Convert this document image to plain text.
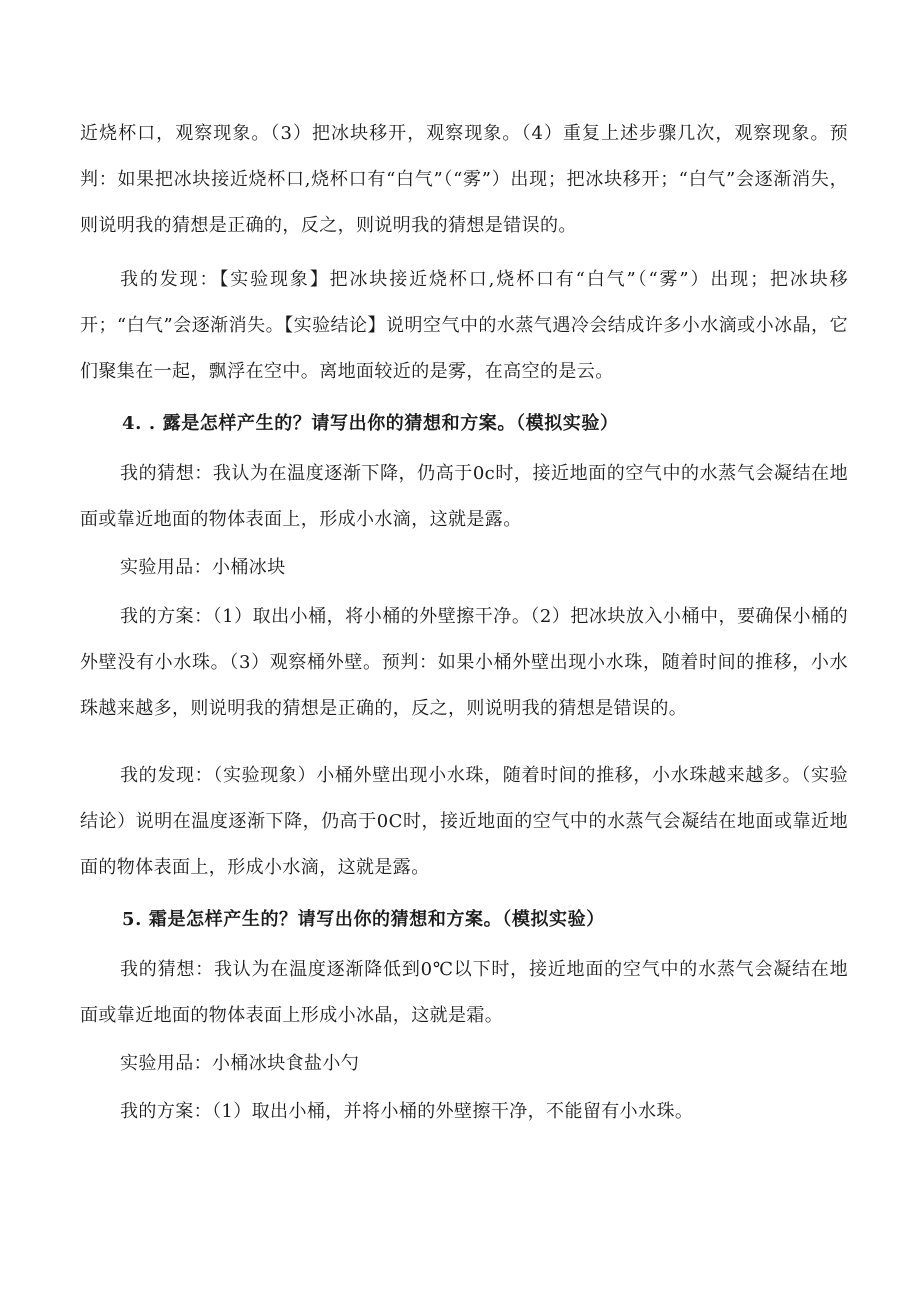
近烧杯口，观察现象。（3）把冰块移开，观察现象。（4）重复上述步骤几次，观察现象。预判：如果把冰块接近烧杯口,烧杯口有“白气”（“雾”）出现；把冰块移开；“白气”会逐渐消失，则说明我的猜想是正确的，反之，则说明我的猜想是错误的。

我的发现：【实验现象】把冰块接近烧杯口,烧杯口有“白气”（“雾”）出现；把冰块移开；“白气”会逐渐消失。【实验结论】说明空气中的水蒸气遇冷会结成许多小水滴或小冰晶，它们聚集在一起，飘浮在空中。离地面较近的是雾，在高空的是云。

4. . 露是怎样产生的？请写出你的猜想和方案。（模拟实验）

我的猜想：我认为在温度逐渐下降，仍高于0c时，接近地面的空气中的水蒸气会凝结在地面或靠近地面的物体表面上，形成小水滴，这就是露。

实验用品：小桶冰块

我的方案：（1）取出小桶，将小桶的外壁擦干净。（2）把冰块放入小桶中，要确保小桶的外壁没有小水珠。（3）观察桶外壁。预判：如果小桶外壁出现小水珠，随着时间的推移，小水珠越来越多，则说明我的猜想是正确的，反之，则说明我的猜想是错误的。

我的发现：（实验现象）小桶外壁出现小水珠，随着时间的推移，小水珠越来越多。（实验结论）说明在温度逐渐下降，仍高于0C时，接近地面的空气中的水蒸气会凝结在地面或靠近地面的物体表面上，形成小水滴，这就是露。

5. 霜是怎样产生的？请写出你的猜想和方案。（模拟实验）

我的猜想：我认为在温度逐渐降低到0℃以下时，接近地面的空气中的水蒸气会凝结在地面或靠近地面的物体表面上形成小冰晶，这就是霜。

实验用品：小桶冰块食盐小勺

我的方案：（1）取出小桶，并将小桶的外壁擦干净，不能留有小水珠。
